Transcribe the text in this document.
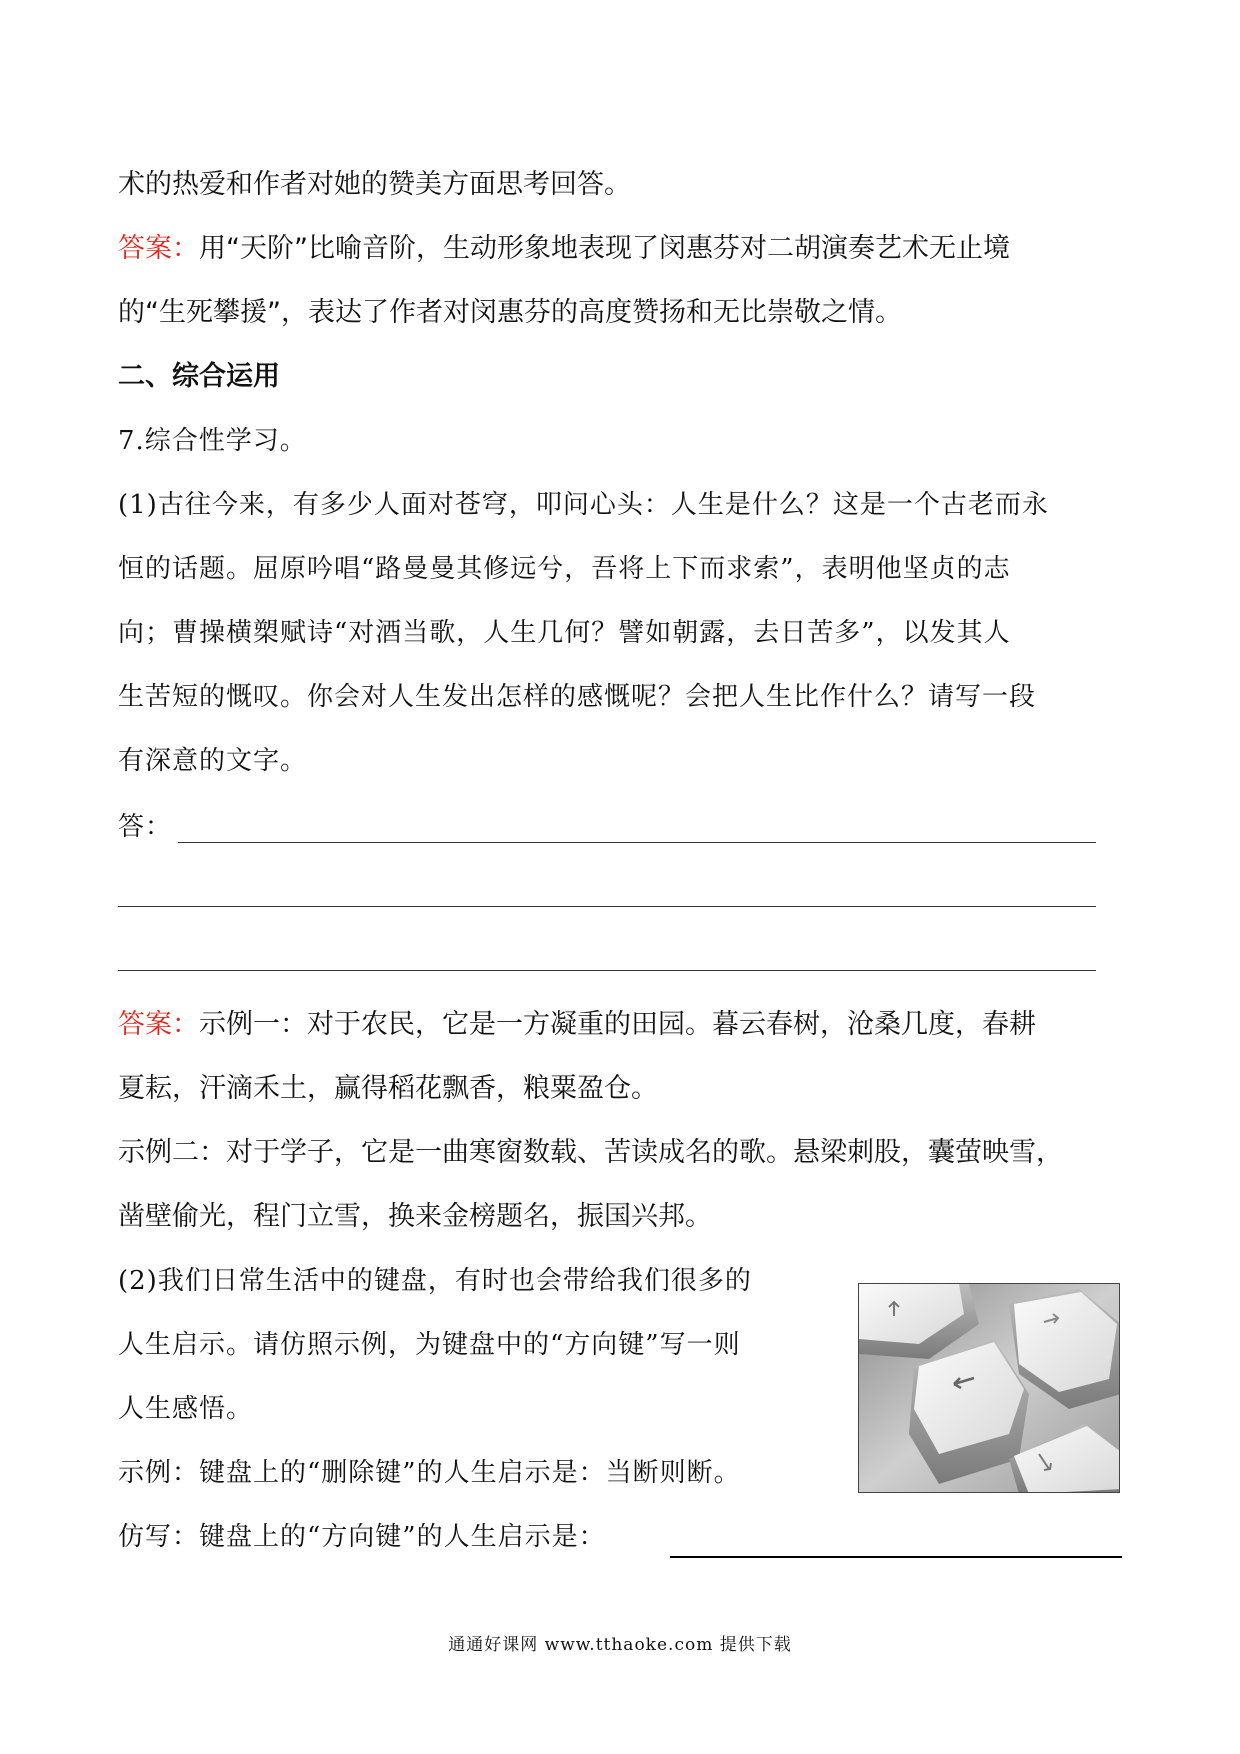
术的热爱和作者对她的赞美方面思考回答。
答案：用“天阶”比喻音阶，生动形象地表现了闵惠芬对二胡演奏艺术无止境
的“生死攀援”，表达了作者对闵惠芬的高度赞扬和无比崇敬之情。
二、综合运用
7.综合性学习。
(1)古往今来，有多少人面对苍穹，叩问心头：人生是什么？这是一个古老而永
恒的话题。屈原吟唱“路曼曼其修远兮，吾将上下而求索”，表明他坚贞的志
向；曹操横槊赋诗“对酒当歌，人生几何？譬如朝露，去日苦多”，以发其人
生苦短的慨叹。你会对人生发出怎样的感慨呢？会把人生比作什么？请写一段
有深意的文字。
答：
答案：示例一：对于农民，它是一方凝重的田园。暮云春树，沧桑几度，春耕
夏耘，汗滴禾土，赢得稻花飘香，粮粟盈仓。
示例二：对于学子，它是一曲寒窗数载、苦读成名的歌。悬梁刺股，囊萤映雪，
凿壁偷光，程门立雪，换来金榜题名，振国兴邦。
(2)我们日常生活中的键盘，有时也会带给我们很多的
人生启示。请仿照示例，为键盘中的“方向键”写一则
人生感悟。
示例：键盘上的“删除键”的人生启示是：当断则断。
仿写：键盘上的“方向键”的人生启示是：
通通好课网 www.tthaoke.com 提供下载
